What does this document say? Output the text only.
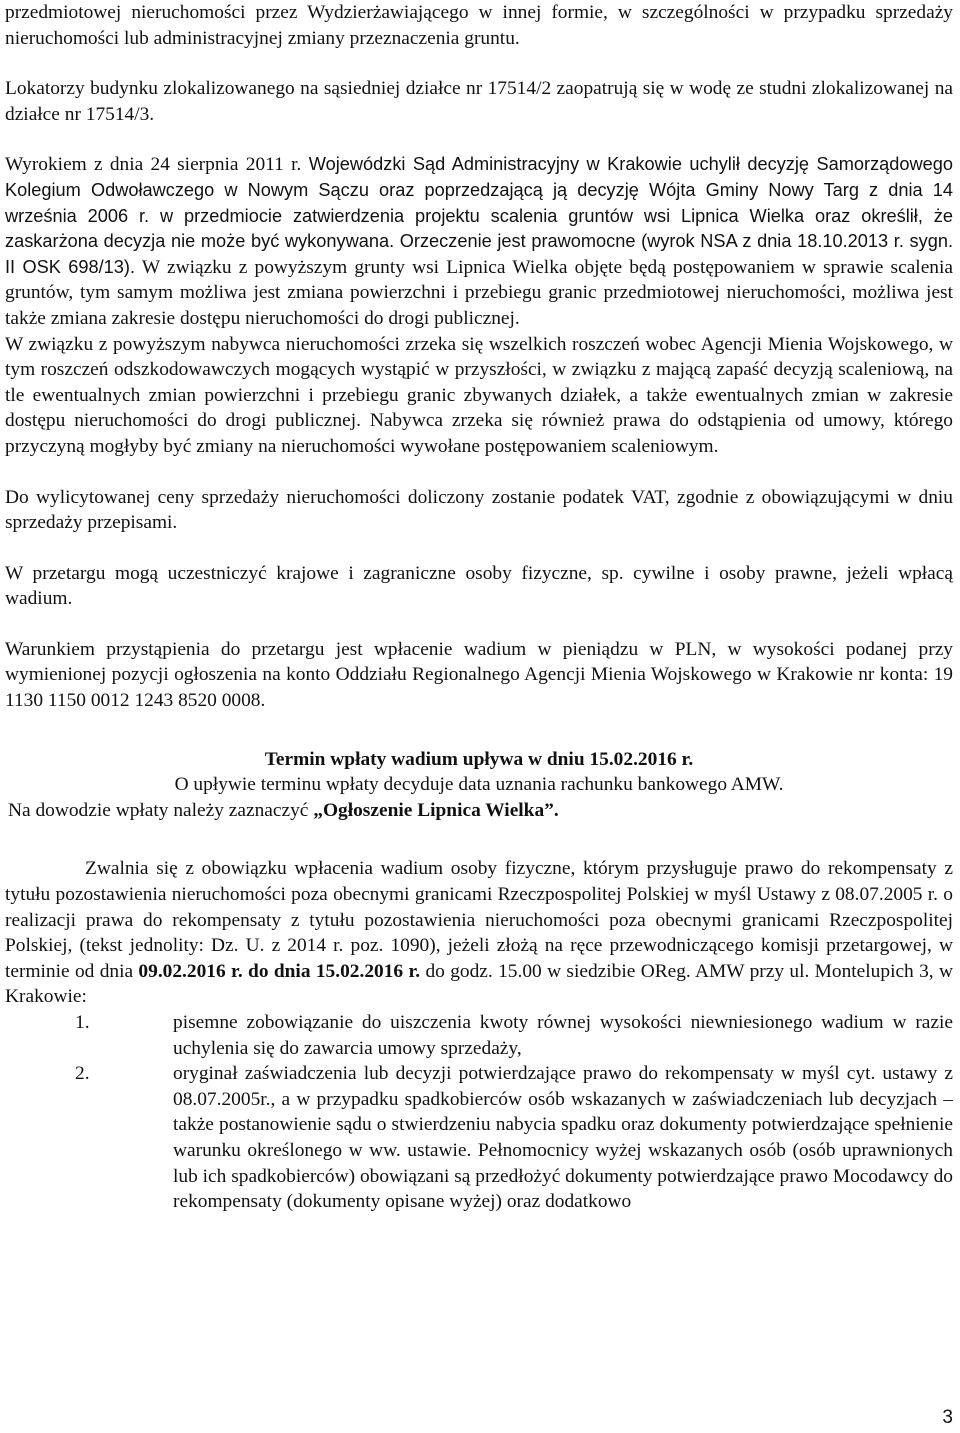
przedmiotowej nieruchomości przez Wydzierżawiającego w innej formie, w szczególności w przypadku sprzedaży nieruchomości lub administracyjnej zmiany przeznaczenia gruntu.

Lokatorzy budynku zlokalizowanego na sąsiedniej działce nr 17514/2 zaopatrują się w wodę ze studni zlokalizowanej na działce nr 17514/3.

Wyrokiem z dnia 24 sierpnia 2011 r. Wojewódzki Sąd Administracyjny w Krakowie uchylił decyzję Samorządowego Kolegium Odwoławczego w Nowym Sączu oraz poprzedzającą ją decyzję Wójta Gminy Nowy Targ z dnia 14 września 2006 r. w przedmiocie zatwierdzenia projektu scalenia gruntów wsi Lipnica Wielka oraz określił, że zaskarżona decyzja nie może być wykonywana. Orzeczenie jest prawomocne (wyrok NSA z dnia 18.10.2013 r. sygn. II OSK 698/13). W związku z powyższym grunty wsi Lipnica Wielka objęte będą postępowaniem w sprawie scalenia gruntów, tym samym możliwa jest zmiana powierzchni i przebiegu granic przedmiotowej nieruchomości, możliwa jest także zmiana zakresie dostępu nieruchomości do drogi publicznej.

W związku z powyższym nabywca nieruchomości zrzeka się wszelkich roszczeń wobec Agencji Mienia Wojskowego, w tym roszczeń odszkodowawczych mogących wystąpić w przyszłości, w związku z mającą zapaść decyzją scaleniową, na tle ewentualnych zmian powierzchni i przebiegu granic zbywanych działek, a także ewentualnych zmian w zakresie dostępu nieruchomości do drogi publicznej. Nabywca zrzeka się również prawa do odstąpienia od umowy, którego przyczyną mogłyby być zmiany na nieruchomości wywołane postępowaniem scaleniowym.

Do wylicytowanej ceny sprzedaży nieruchomości doliczony zostanie podatek VAT, zgodnie z obowiązującymi w dniu sprzedaży przepisami.

W przetargu mogą uczestniczyć krajowe i zagraniczne osoby fizyczne, sp. cywilne i osoby prawne, jeżeli wpłacą wadium.

Warunkiem przystąpienia do przetargu jest wpłacenie wadium w pieniądzu w PLN, w wysokości podanej przy wymienionej pozycji ogłoszenia na konto Oddziału Regionalnego Agencji Mienia Wojskowego w Krakowie nr konta: 19 1130 1150 0012 1243 8520 0008.

Termin wpłaty wadium upływa w dniu 15.02.2016 r.

O upływie terminu wpłaty decyduje data uznania rachunku bankowego AMW.

Na dowodzie wpłaty należy zaznaczyć „Ogłoszenie Lipnica Wielka”.

Zwalnia się z obowiązku wpłacenia wadium osoby fizyczne, którym przysługuje prawo do rekompensaty z tytułu pozostawienia nieruchomości poza obecnymi granicami Rzeczpospolitej Polskiej w myśl Ustawy z 08.07.2005 r. o realizacji prawa do rekompensaty z tytułu pozostawienia nieruchomości poza obecnymi granicami Rzeczpospolitej Polskiej, (tekst jednolity: Dz. U. z 2014 r. poz. 1090), jeżeli złożą na ręce przewodniczącego komisji przetargowej, w terminie od dnia 09.02.2016 r. do dnia 15.02.2016 r. do godz. 15.00 w siedzibie OReg. AMW przy ul. Montelupich 3, w Krakowie:

1.	pisemne zobowiązanie do uiszczenia kwoty równej wysokości niewniesionego wadium w razie uchylenia się do zawarcia umowy sprzedaży,
2.	oryginał zaświadczenia lub decyzji potwierdzające prawo do rekompensaty w myśl cyt. ustawy z 08.07.2005r., a w przypadku spadkobierców osób wskazanych w zaświadczeniach lub decyzjach – także postanowienie sądu o stwierdzeniu nabycia spadku oraz dokumenty potwierdzające spełnienie warunku określonego w ww. ustawie. Pełnomocnicy wyżej wskazanych osób (osób uprawnionych lub ich spadkobierców) obowiązani są przedłożyć dokumenty potwierdzające prawo Mocodawcy do rekompensaty (dokumenty opisane wyżej) oraz dodatkowo
3
